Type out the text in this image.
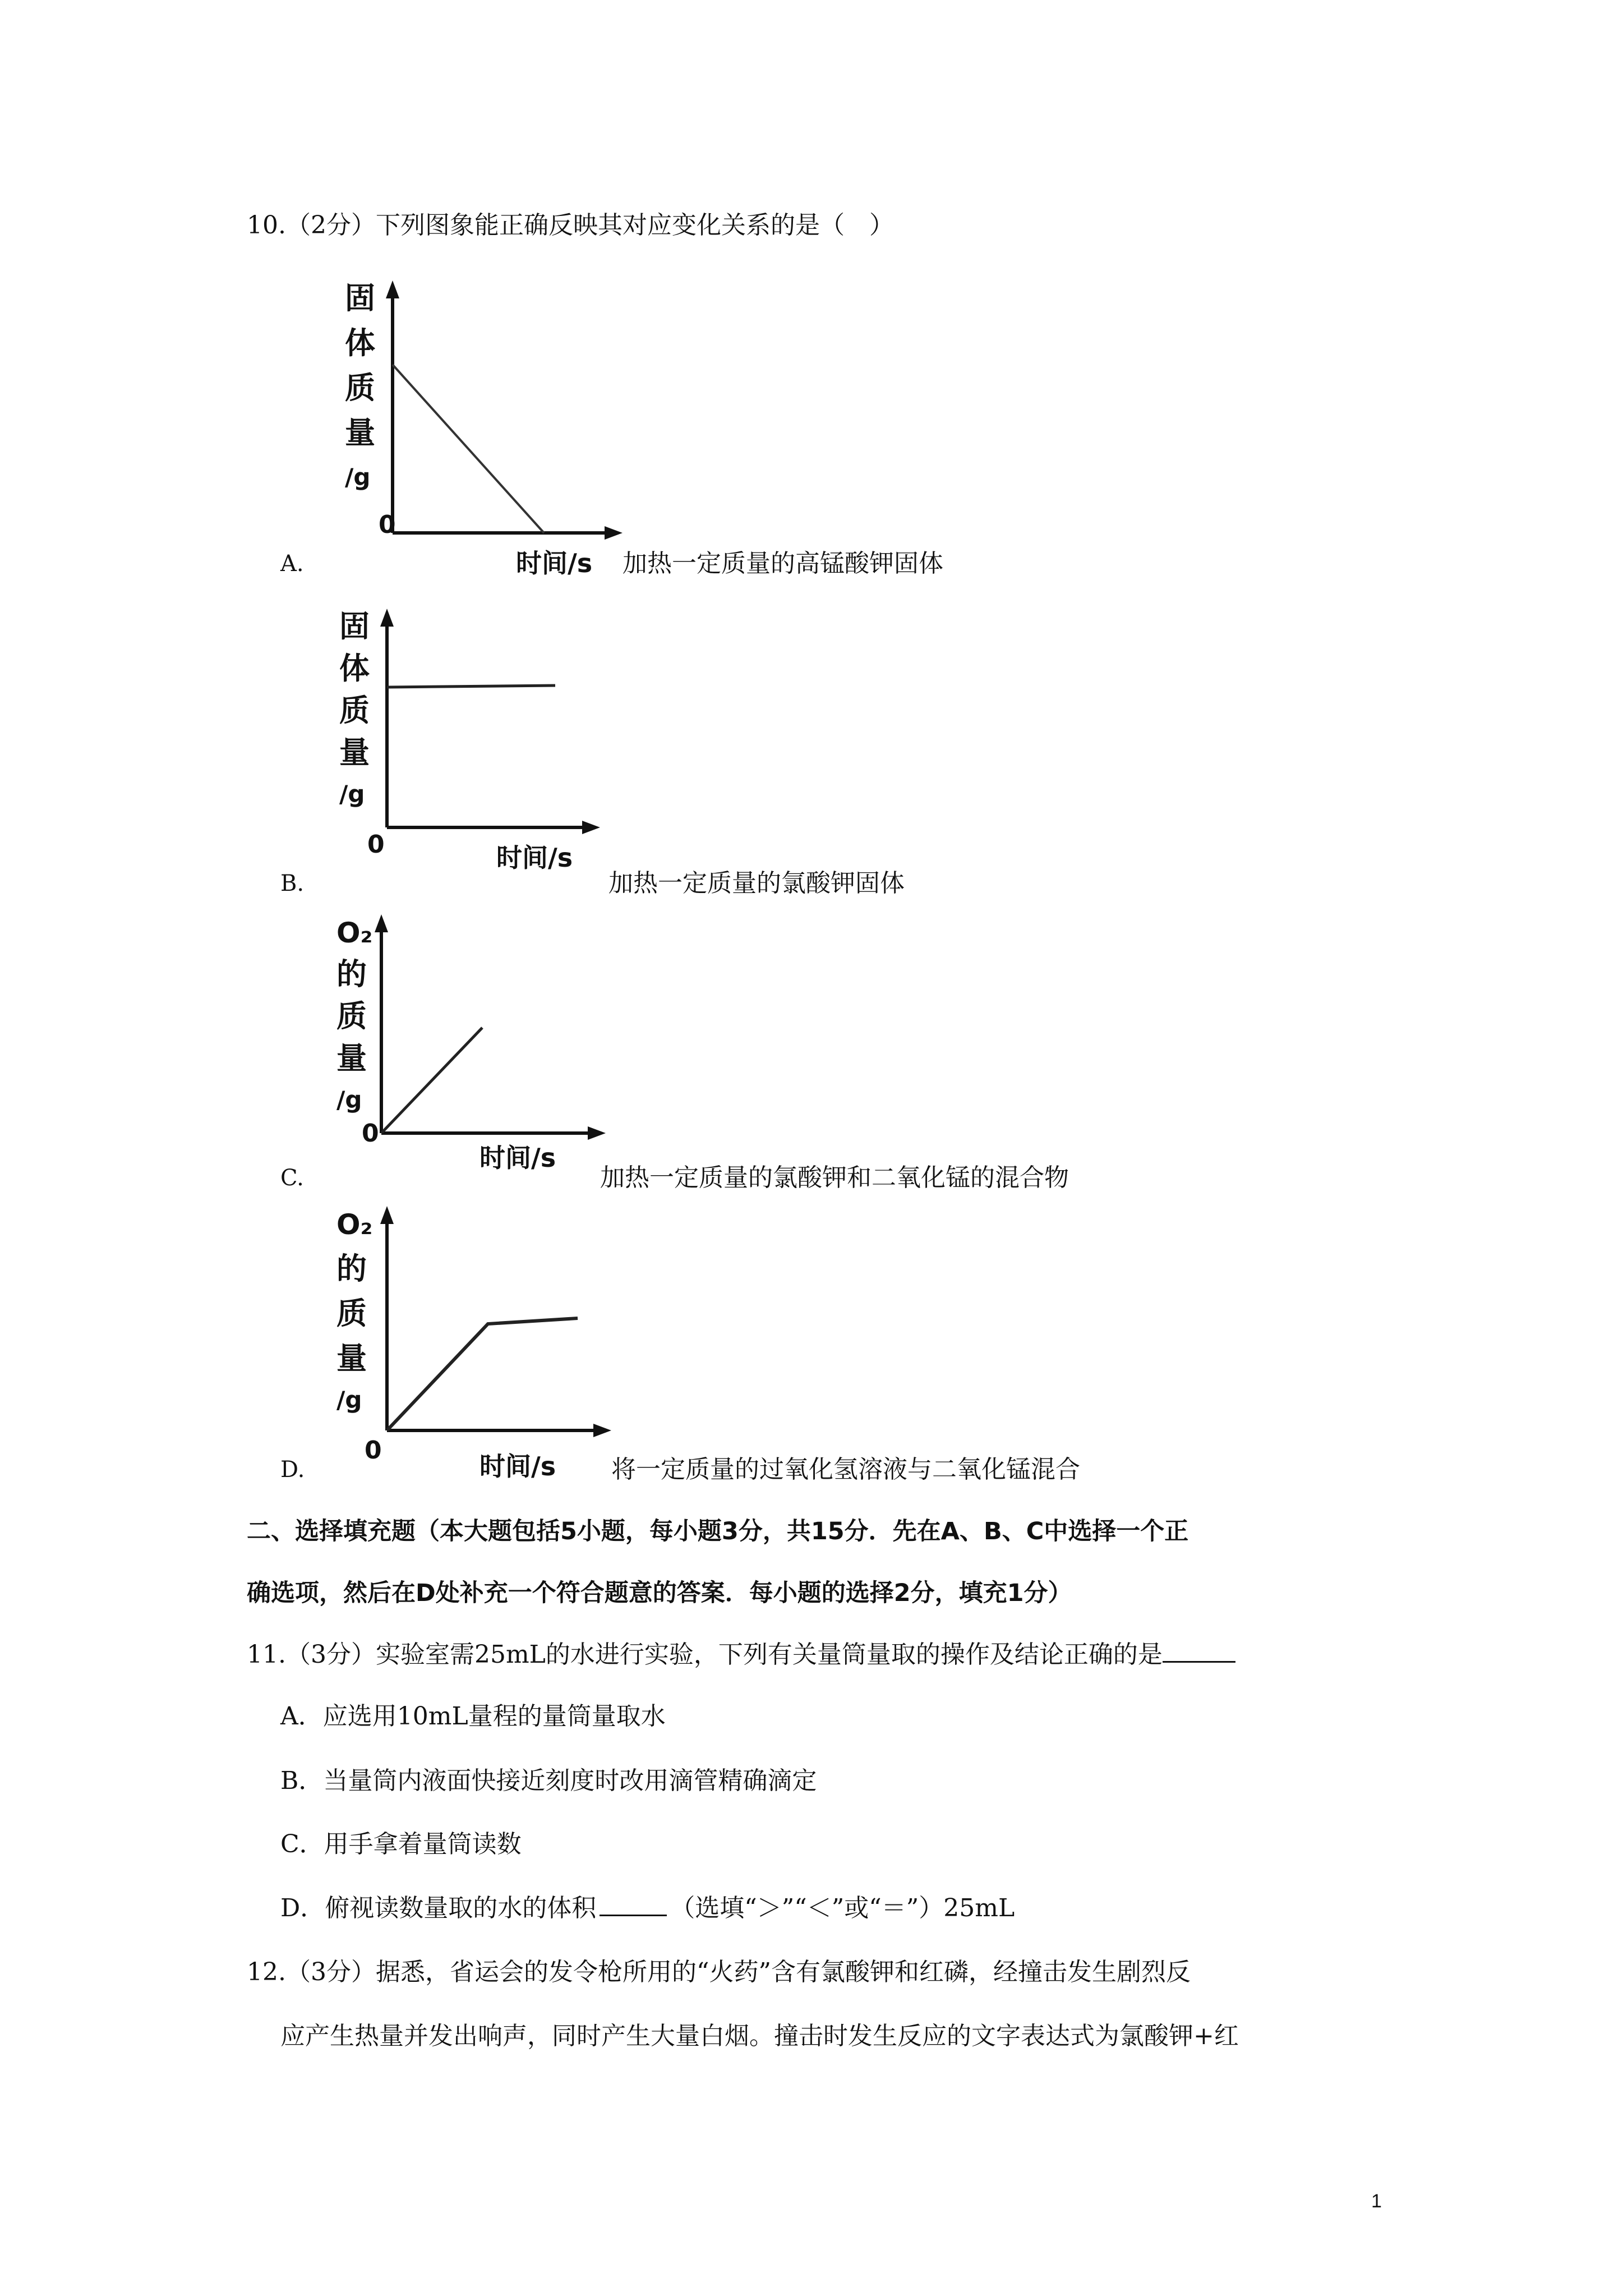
10.（2分）下列图象能正确反映其对应变化关系的是（　）
固
体
质
量
/g
0
时间/s
A.	加热一定质量的高锰酸钾固体
固
体
质
量
/g
0	时间/s
B.	加热一定质量的氯酸钾固体
O₂
的
质
量
/g
0
时间/s
C.	加热一定质量的氯酸钾和二氧化锰的混合物
O₂
的
质
量
/g
0
时间/s
D.	将一定质量的过氧化氢溶液与二氧化锰混合
二、选择填充题（本大题包括5小题，每小题3分，共15分．先在A、B、C中选择一个正
确选项，然后在D处补充一个符合题意的答案．每小题的选择2分，填充1分）
11.（3分）实验室需25mL的水进行实验，下列有关量筒量取的操作及结论正确的是
A．应选用10mL量程的量筒量取水
B．当量筒内液面快接近刻度时改用滴管精确滴定
C．用手拿着量筒读数
D．俯视读数量取的水的体积	（选填“＞”“＜”或“＝”）25mL
12.（3分）据悉，省运会的发令枪所用的“火药”含有氯酸钾和红磷，经撞击发生剧烈反
应产生热量并发出响声，同时产生大量白烟。撞击时发生反应的文字表达式为氯酸钾+红
1
